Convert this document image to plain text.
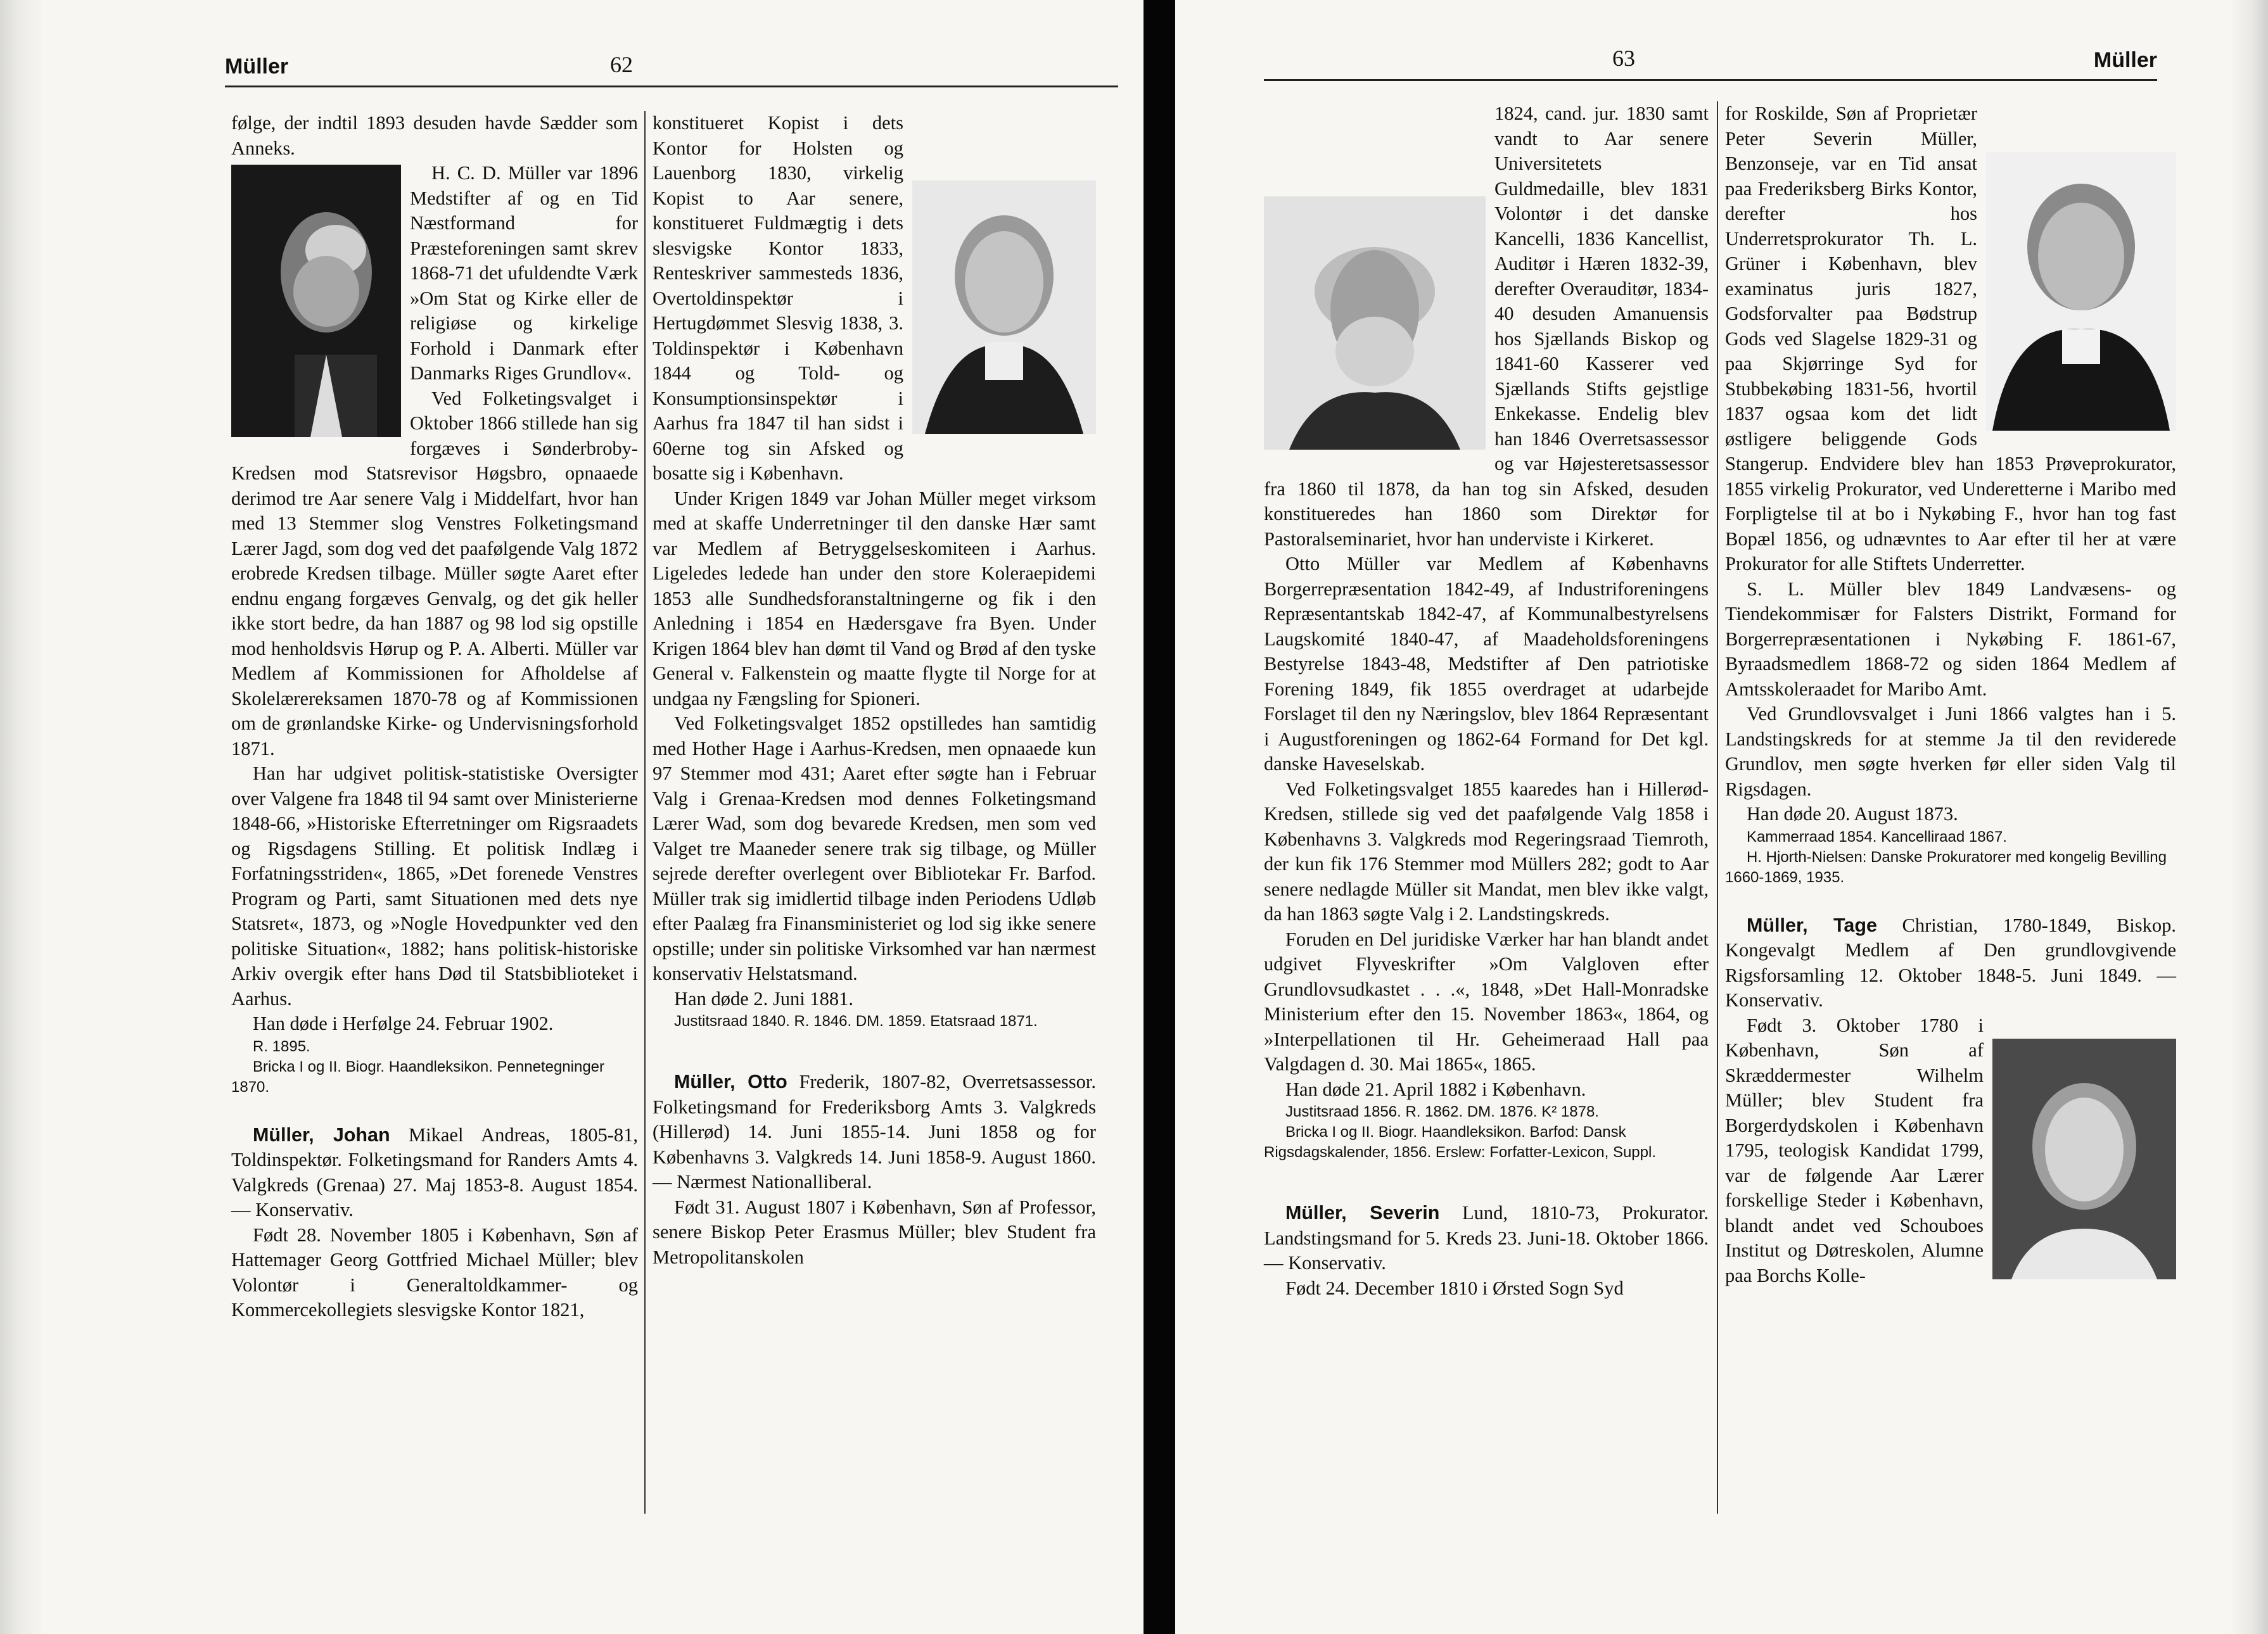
Müller	62

følge, der indtil 1893 desuden havde Sædder som Anneks.

H. C. D. Müller var 1896 Medstifter af og en Tid Næstformand for Præsteforeningen samt skrev 1868-71 det ufuldendte Værk »Om Stat og Kirke eller de religiøse og kirkelige Forhold i Danmark efter Danmarks Riges Grundlov«.

Ved Folketingsvalget i Oktober 1866 stillede han sig forgæves i Sønderbroby-Kredsen mod Statsrevisor Høgsbro, opnaaede derimod tre Aar senere Valg i Middelfart, hvor han med 13 Stemmer slog Venstres Folketingsmand Lærer Jagd, som dog ved det paafølgende Valg 1872 erobrede Kredsen tilbage. Müller søgte Aaret efter endnu engang forgæves Genvalg, og det gik heller ikke stort bedre, da han 1887 og 98 lod sig opstille mod henholdsvis Hørup og P. A. Alberti. Müller var Medlem af Kommissionen for Afholdelse af Skolelærereksamen 1870-78 og af Kommissionen om de grønlandske Kirke- og Undervisningsforhold 1871.

Han har udgivet politisk-statistiske Oversigter over Valgene fra 1848 til 94 samt over Ministerierne 1848-66, »Historiske Efterretninger om Rigsraadets og Rigsdagens Stilling. Et politisk Indlæg i Forfatningsstriden«, 1865, »Det forenede Venstres Program og Parti, samt Situationen med dets nye Statsret«, 1873, og »Nogle Hovedpunkter ved den politiske Situation«, 1882; hans politisk-historiske Arkiv overgik efter hans Død til Statsbiblioteket i Aarhus.

Han døde i Herfølge 24. Februar 1902.

R. 1895.

Bricka I og II. Biogr. Haandleksikon. Pennetegninger 1870.

Müller, Johan Mikael Andreas, 1805-81, Toldinspektør. Folketingsmand for Randers Amts 4. Valgkreds (Grenaa) 27. Maj 1853-8. August 1854. — Konservativ.

Født 28. November 1805 i København, Søn af Hattemager Georg Gottfried Michael Müller; blev Volontør i Generaltoldkammer- og Kommercekollegiets slesvigske Kontor 1821,

konstitueret Kopist i dets Kontor for Holsten og Lauenborg 1830, virkelig Kopist to Aar senere, konstitueret Fuldmægtig i dets slesvigske Kontor 1833, Renteskriver sammesteds 1836, Overtoldinspektør i Hertugdømmet Slesvig 1838, 3. Toldinspektør i København 1844 og Told- og Konsumptionsinspektør i Aarhus fra 1847 til han sidst i 60erne tog sin Afsked og bosatte sig i København.

Under Krigen 1849 var Johan Müller meget virksom med at skaffe Underretninger til den danske Hær samt var Medlem af Betryggelseskomiteen i Aarhus. Ligeledes ledede han under den store Koleraepidemi 1853 alle Sundhedsforanstaltningerne og fik i den Anledning i 1854 en Hædersgave fra Byen. Under Krigen 1864 blev han dømt til Vand og Brød af den tyske General v. Falkenstein og maatte flygte til Norge for at undgaa ny Fængsling for Spioneri.

Ved Folketingsvalget 1852 opstilledes han samtidig med Hother Hage i Aarhus-Kredsen, men opnaaede kun 97 Stemmer mod 431; Aaret efter søgte han i Februar Valg i Grenaa-Kredsen mod dennes Folketingsmand Lærer Wad, som dog bevarede Kredsen, men som ved Valget tre Maaneder senere trak sig tilbage, og Müller sejrede derefter overlegent over Bibliotekar Fr. Barfod. Müller trak sig imidlertid tilbage inden Periodens Udløb efter Paalæg fra Finansministeriet og lod sig ikke senere opstille; under sin politiske Virksomhed var han nærmest konservativ Helstatsmand.

Han døde 2. Juni 1881.

Justitsraad 1840. R. 1846. DM. 1859. Etatsraad 1871.

Müller, Otto Frederik, 1807-82, Overretsassessor. Folketingsmand for Frederiksborg Amts 3. Valgkreds (Hillerød) 14. Juni 1855-14. Juni 1858 og for Københavns 3. Valgkreds 14. Juni 1858-9. August 1860. — Nærmest Nationalliberal.

Født 31. August 1807 i København, Søn af Professor, senere Biskop Peter Erasmus Müller; blev Student fra Metropolitanskolen

63	Müller

1824, cand. jur. 1830 samt vandt to Aar senere Universitetets Guldmedaille, blev 1831 Volontør i det danske Kancelli, 1836 Kancellist, Auditør i Hæren 1832-39, derefter Overauditør, 1834-40 desuden Amanuensis hos Sjællands Biskop og 1841-60 Kasserer ved Sjællands Stifts gejstlige Enkekasse. Endelig blev han 1846 Overretsassessor og var Højesteretsassessor fra 1860 til 1878, da han tog sin Afsked, desuden konstitueredes han 1860 som Direktør for Pastoralseminariet, hvor han underviste i Kirkeret.

Otto Müller var Medlem af Københavns Borgerrepræsentation 1842-49, af Industriforeningens Repræsentantskab 1842-47, af Kommunalbestyrelsens Laugskomité 1840-47, af Maadeholdsforeningens Bestyrelse 1843-48, Medstifter af Den patriotiske Forening 1849, fik 1855 overdraget at udarbejde Forslaget til den ny Næringslov, blev 1864 Repræsentant i Augustforeningen og 1862-64 Formand for Det kgl. danske Haveselskab.

Ved Folketingsvalget 1855 kaaredes han i Hillerød-Kredsen, stillede sig ved det paafølgende Valg 1858 i Københavns 3. Valgkreds mod Regeringsraad Tiemroth, der kun fik 176 Stemmer mod Müllers 282; godt to Aar senere nedlagde Müller sit Mandat, men blev ikke valgt, da han 1863 søgte Valg i 2. Landstingskreds.

Foruden en Del juridiske Værker har han blandt andet udgivet Flyveskrifter »Om Valgloven efter Grundlovsudkastet . . .«, 1848, »Det Hall-Monradske Ministerium efter den 15. November 1863«, 1864, og »Interpellationen til Hr. Geheimeraad Hall paa Valgdagen d. 30. Mai 1865«, 1865.

Han døde 21. April 1882 i København.

Justitsraad 1856. R. 1862. DM. 1876. K² 1878.

Bricka I og II. Biogr. Haandleksikon. Barfod: Dansk Rigsdagskalender, 1856. Erslew: Forfatter-Lexicon, Suppl.

Müller, Severin Lund, 1810-73, Prokurator. Landstingsmand for 5. Kreds 23. Juni-18. Oktober 1866. — Konservativ.

Født 24. December 1810 i Ørsted Sogn Syd

for Roskilde, Søn af Proprietær Peter Severin Müller, Benzonseje, var en Tid ansat paa Frederiksberg Birks Kontor, derefter hos Underretsprokurator Th. L. Grüner i København, blev examinatus juris 1827, Godsforvalter paa Bødstrup Gods ved Slagelse 1829-31 og paa Skjørringe Syd for Stubbekøbing 1831-56, hvortil 1837 ogsaa kom det lidt østligere beliggende Gods Stangerup. Endvidere blev han 1853 Prøveprokurator, 1855 virkelig Prokurator, ved Underetterne i Maribo med Forpligtelse til at bo i Nykøbing F., hvor han tog fast Bopæl 1856, og udnævntes to Aar efter til her at være Prokurator for alle Stiftets Underretter.

S. L. Müller blev 1849 Landvæsens- og Tiendekommisær for Falsters Distrikt, Formand for Borgerrepræsentationen i Nykøbing F. 1861-67, Byraadsmedlem 1868-72 og siden 1864 Medlem af Amtsskoleraadet for Maribo Amt.

Ved Grundlovsvalget i Juni 1866 valgtes han i 5. Landstingskreds for at stemme Ja til den reviderede Grundlov, men søgte hverken før eller siden Valg til Rigsdagen.

Han døde 20. August 1873.

Kammerraad 1854. Kancelliraad 1867.

H. Hjorth-Nielsen: Danske Prokuratorer med kongelig Bevilling 1660-1869, 1935.

Müller, Tage Christian, 1780-1849, Biskop. Kongevalgt Medlem af Den grundlovgivende Rigsforsamling 12. Oktober 1848-5. Juni 1849. — Konservativ.

Født 3. Oktober 1780 i København, Søn af Skræddermester Wilhelm Müller; blev Student fra Borgerdydskolen i København 1795, teologisk Kandidat 1799, var de følgende Aar Lærer forskellige Steder i København, blandt andet ved Schouboes Institut og Døtreskolen, Alumne paa Borchs Kolle-
